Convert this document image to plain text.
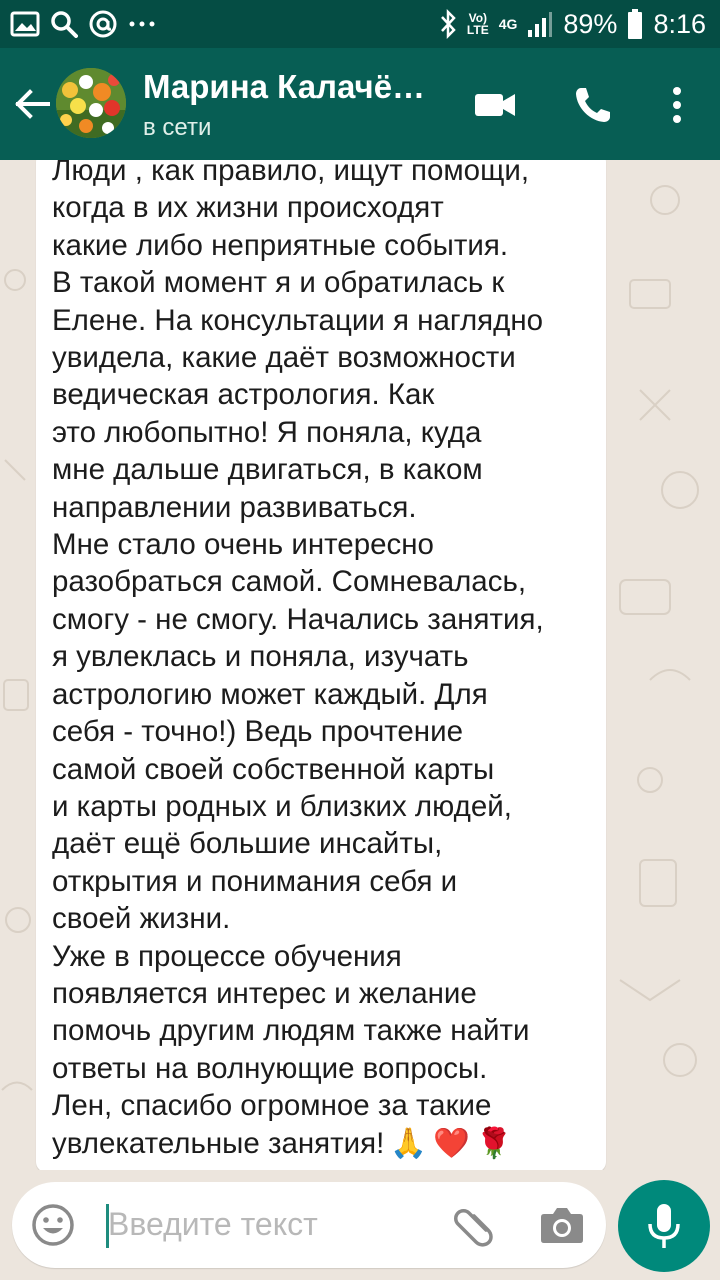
Vo)
LTE 4G 89% 8:16
Марина Калачё…
в сети
Люди , как правило, ищут помощи,
когда в их жизни происходят
какие либо неприятные события.
В такой момент я и обратилась к
Елене. На консультации я наглядно
увидела, какие даёт возможности
ведическая астрология. Как
это любопытно! Я поняла, куда
мне дальше двигаться, в каком
направлении развиваться.
Мне стало очень интересно
разобраться самой. Сомневалась,
смогу - не смогу. Начались занятия,
я увлеклась и поняла, изучать
астрологию может каждый. Для
себя - точно!) Ведь прочтение
самой своей собственной карты
и карты родных и близких людей,
даёт ещё большие инсайты,
открытия и понимания себя и
своей жизни.
Уже в процессе обучения
появляется интерес и желание
помочь другим людям также найти
ответы на волнующие вопросы.
Лен, спасибо огромное за такие
увлекательные занятия! 🙏 ❤️ 🌹
Введите текст
